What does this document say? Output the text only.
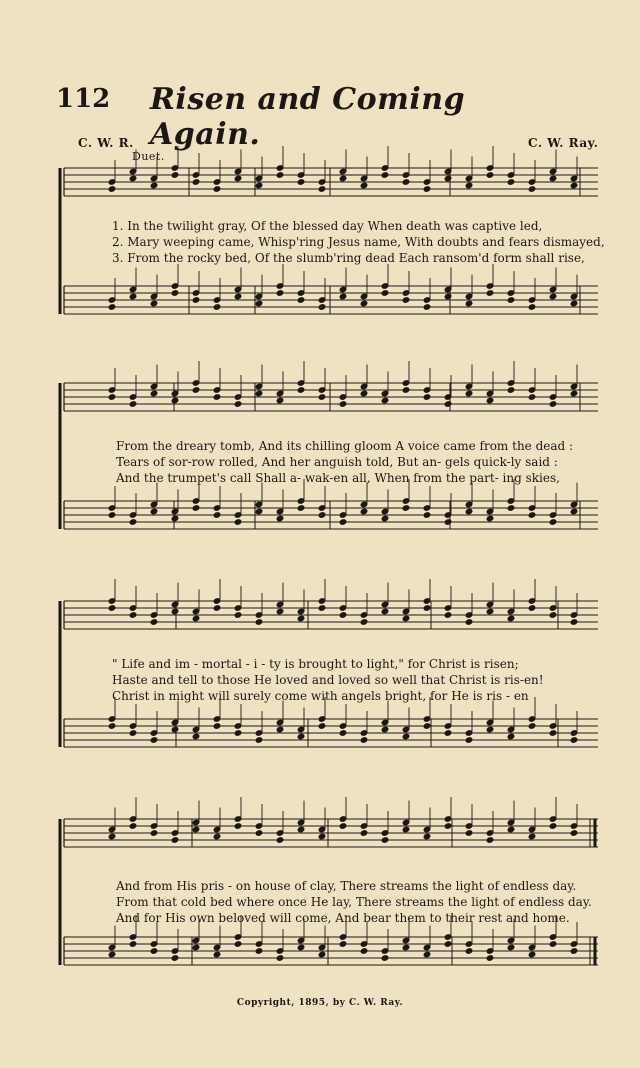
112 Risen and Coming Again.
C. W. R.	C. W. Ray.
Duet.
1. In the twilight gray, Of the blessed day When death was captive led,
2. Mary weeping came, Whisp'ring Jesus name, With doubts and fears dismayed,
3. From the rocky bed, Of the slumb'ring dead Each ransom'd form shall rise,
From the dreary tomb, And its chilling gloom A voice came from the dead :
Tears of sor-row rolled, And her anguish told, But an- gels quick-ly said :
And the trumpet's call Shall a- wak-en all, When from the part- ing skies,
" Life and im - mortal - i - ty is brought to light," for Christ is risen;
Haste and tell to those He loved and loved so well that Christ is ris-en!
Christ in might will surely come with angels bright, for He is ris - en
And from His pris - on house of clay, There streams the light of endless day.
From that cold bed where once He lay, There streams the light of endless day.
And for His own beloved will come, And bear them to their rest and home.
Copyright, 1895, by C. W. Ray.
